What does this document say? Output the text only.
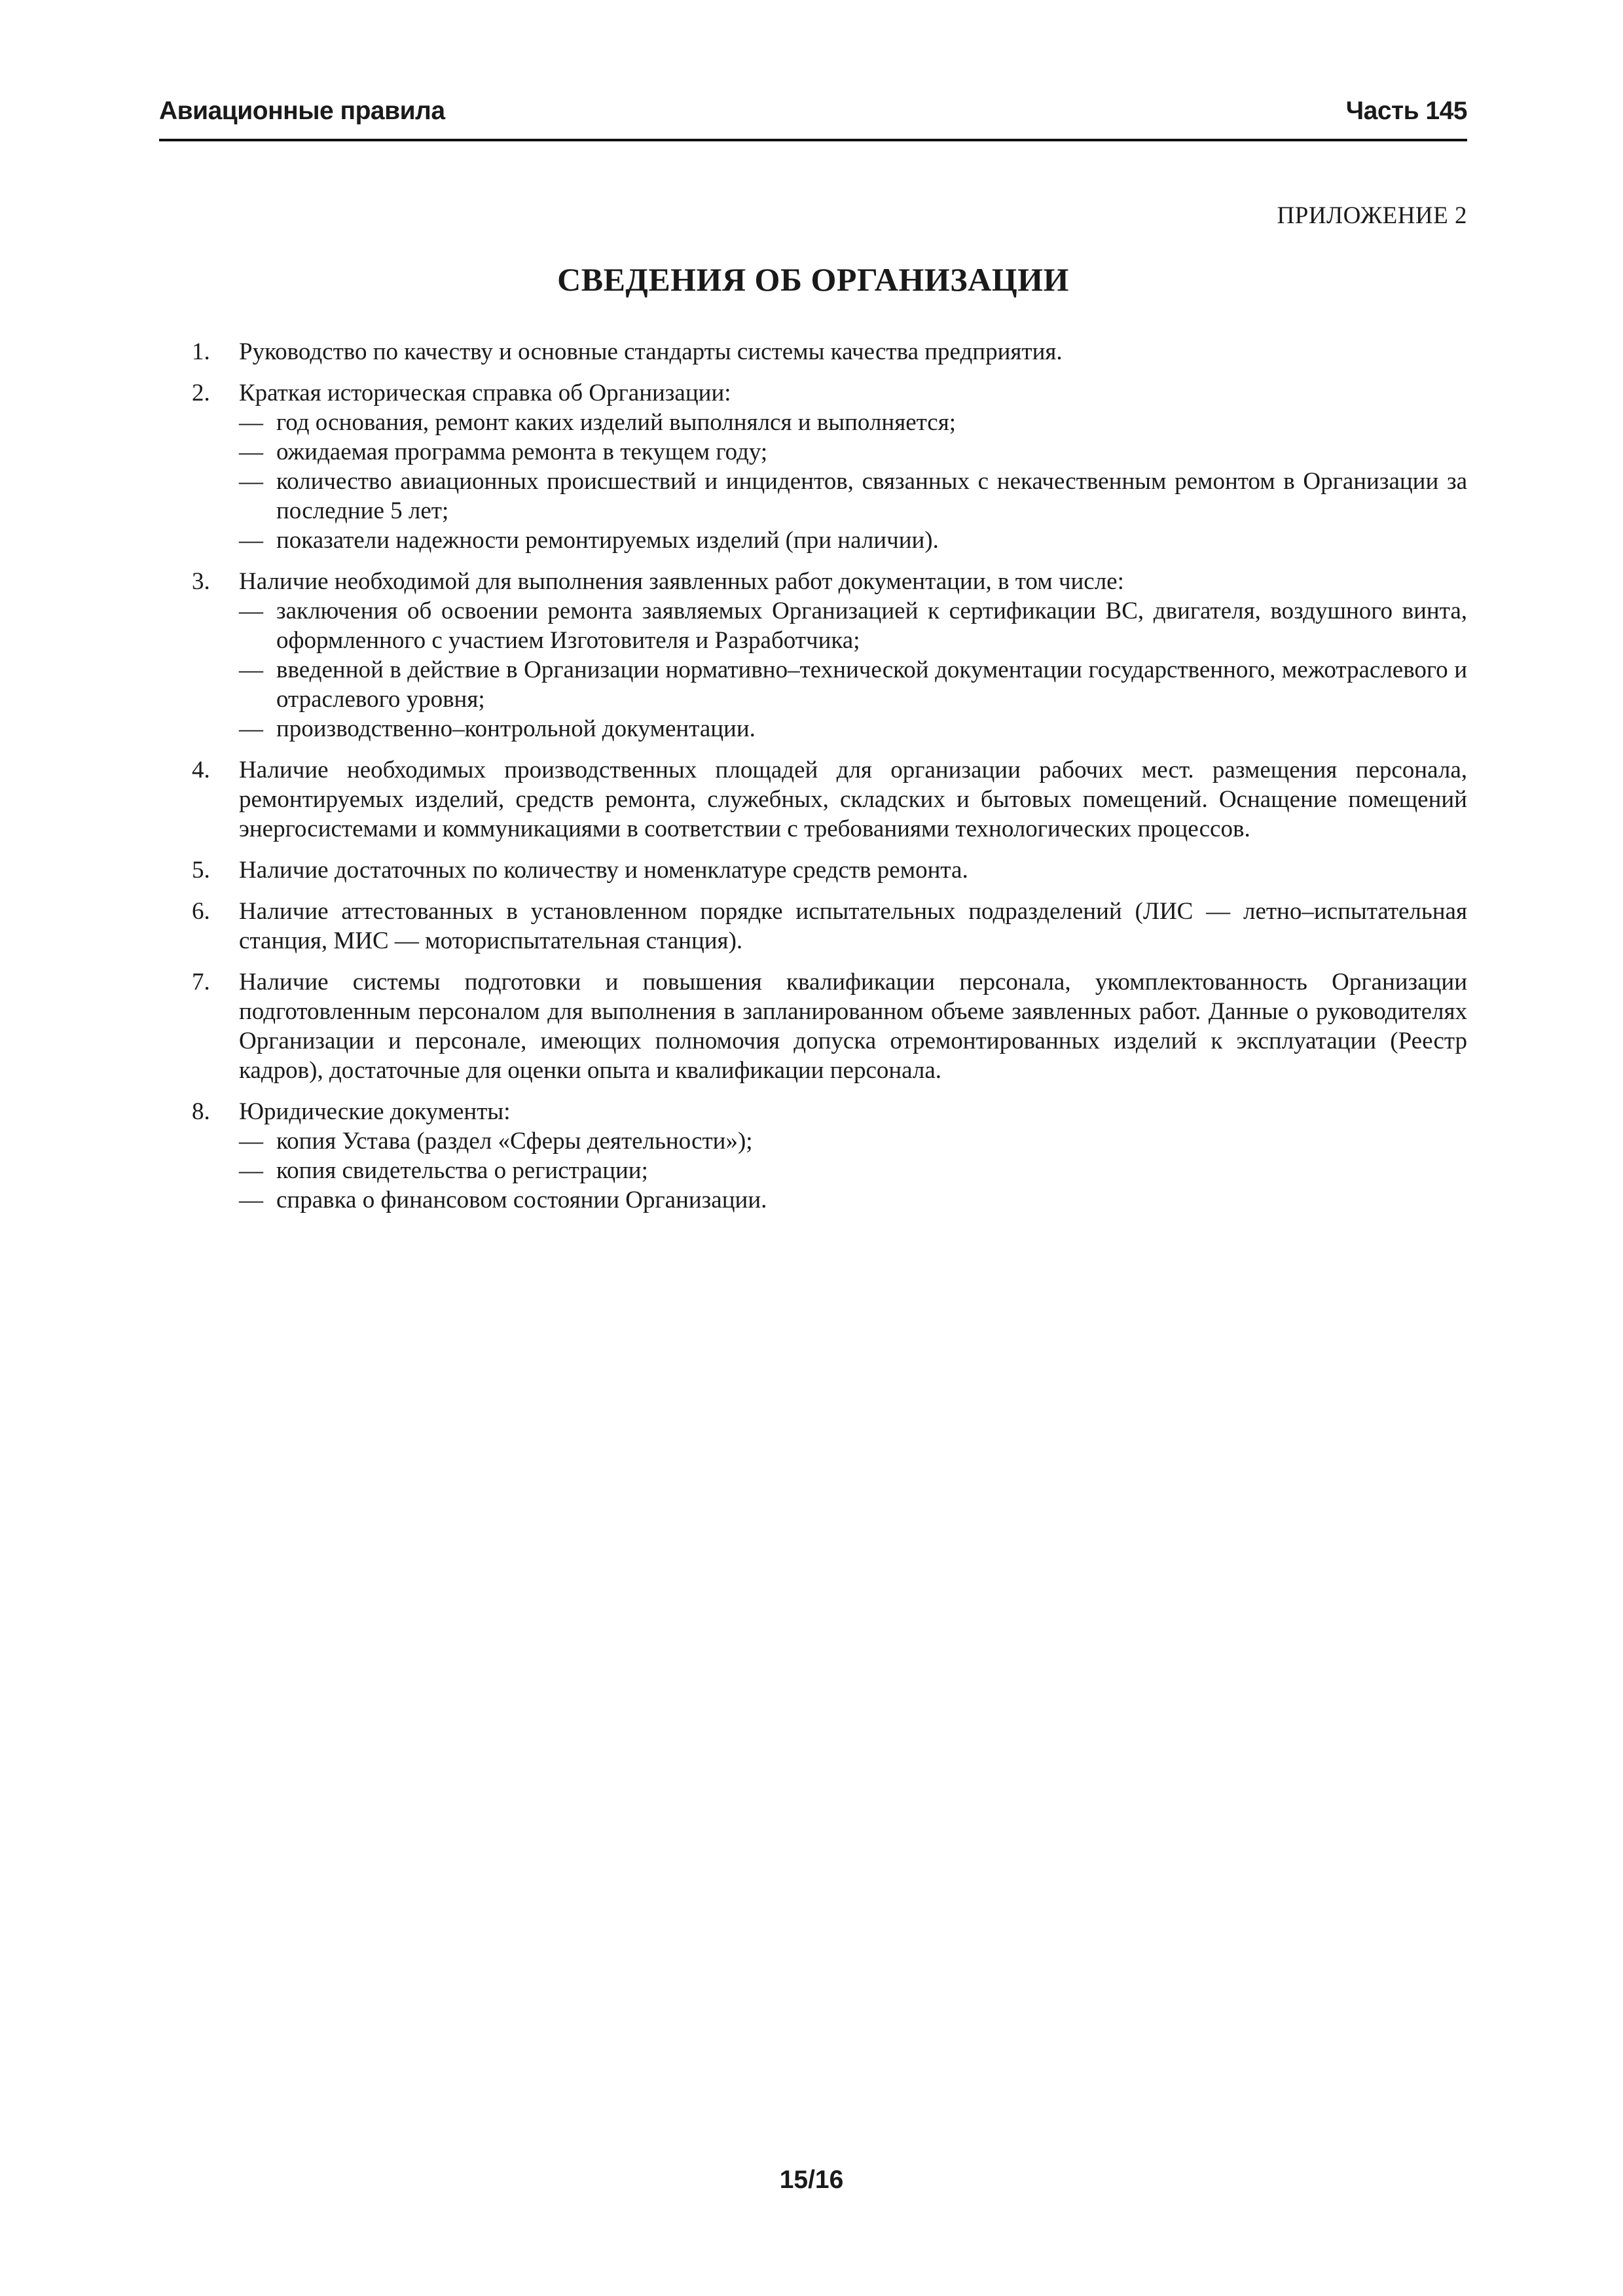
Авиационные правила	Часть 145
ПРИЛОЖЕНИЕ 2
СВЕДЕНИЯ ОБ ОРГАНИЗАЦИИ
1. Руководство по качеству и основные стандарты системы качества предприятия.
2. Краткая историческая справка об Организации:
— год основания, ремонт каких изделий выполнялся и выполняется;
— ожидаемая программа ремонта в текущем году;
— количество авиационных происшествий и инцидентов, связанных с некачественным ремонтом в Организации за последние 5 лет;
— показатели надежности ремонтируемых изделий (при наличии).
3. Наличие необходимой для выполнения заявленных работ документации, в том числе:
— заключения об освоении ремонта заявляемых Организацией к сертификации ВС, двигателя, воздушного винта, оформленного с участием Изготовителя и Разработчика;
— введенной в действие в Организации нормативно–технической документации государственного, межотраслевого и отраслевого уровня;
— производственно–контрольной документации.
4. Наличие необходимых производственных площадей для организации рабочих мест. размещения персонала, ремонтируемых изделий, средств ремонта, служебных, складских и бытовых помещений. Оснащение помещений энергосистемами и коммуникациями в соответствии с требованиями технологических процессов.
5. Наличие достаточных по количеству и номенклатуре средств ремонта.
6. Наличие аттестованных в установленном порядке испытательных подразделений (ЛИС — летно–испытательная станция, МИС — моториспытательная станция).
7. Наличие системы подготовки и повышения квалификации персонала, укомплектованность Организации подготовленным персоналом для выполнения в запланированном объеме заявленных работ. Данные о руководителях Организации и персонале, имеющих полномочия допуска отремонтированных изделий к эксплуатации (Реестр кадров), достаточные для оценки опыта и квалификации персонала.
8. Юридические документы:
— копия Устава (раздел «Сферы деятельности»);
— копия свидетельства о регистрации;
— справка о финансовом состоянии Организации.
15/16
